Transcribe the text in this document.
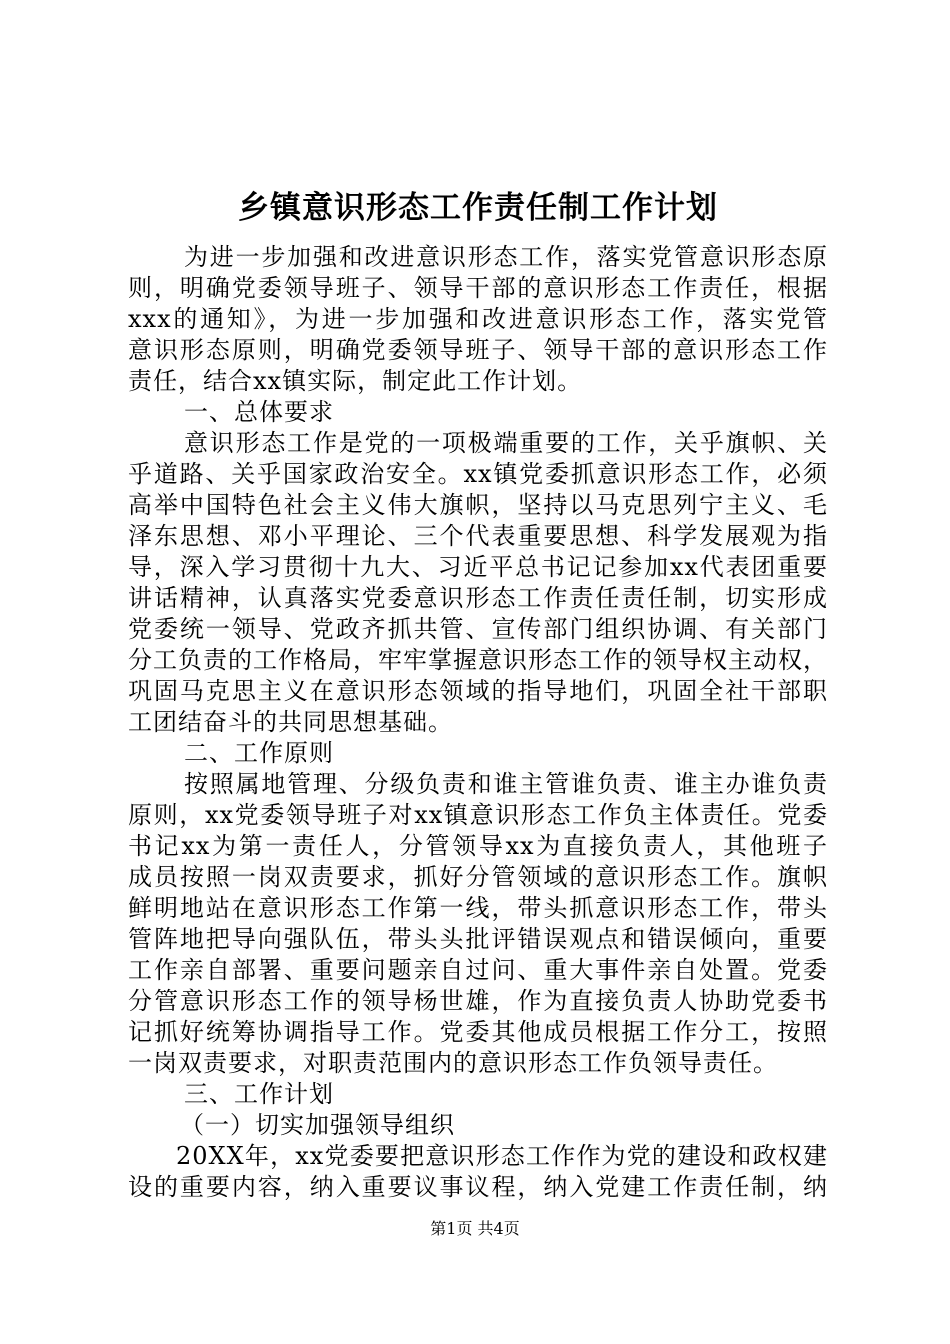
乡镇意识形态工作责任制工作计划
为进一步加强和改进意识形态工作，落实党管意识形态原
则，明确党委领导班子、领导干部的意识形态工作责任，根据
xxx的通知》，为进一步加强和改进意识形态工作，落实党管
意识形态原则，明确党委领导班子、领导干部的意识形态工作
责任，结合xx镇实际，制定此工作计划。
一、总体要求
意识形态工作是党的一项极端重要的工作，关乎旗帜、关
乎道路、关乎国家政治安全。xx镇党委抓意识形态工作，必须
高举中国特色社会主义伟大旗帜，坚持以马克思列宁主义、毛
泽东思想、邓小平理论、三个代表重要思想、科学发展观为指
导，深入学习贯彻十九大、习近平总书记记参加xx代表团重要
讲话精神，认真落实党委意识形态工作责任责任制，切实形成
党委统一领导、党政齐抓共管、宣传部门组织协调、有关部门
分工负责的工作格局，牢牢掌握意识形态工作的领导权主动权，
巩固马克思主义在意识形态领域的指导地们，巩固全社干部职
工团结奋斗的共同思想基础。
二、工作原则
按照属地管理、分级负责和谁主管谁负责、谁主办谁负责
原则，xx党委领导班子对xx镇意识形态工作负主体责任。党委
书记xx为第一责任人，分管领导xx为直接负责人，其他班子
成员按照一岗双责要求，抓好分管领域的意识形态工作。旗帜
鲜明地站在意识形态工作第一线，带头抓意识形态工作，带头
管阵地把导向强队伍，带头头批评错误观点和错误倾向，重要
工作亲自部署、重要问题亲自过问、重大事件亲自处置。党委
分管意识形态工作的领导杨世雄，作为直接负责人协助党委书
记抓好统筹协调指导工作。党委其他成员根据工作分工，按照
一岗双责要求，对职责范围内的意识形态工作负领导责任。
三、工作计划
（一）切实加强领导组织
20XX年，xx党委要把意识形态工作作为党的建设和政权建
设的重要内容，纳入重要议事议程，纳入党建工作责任制，纳
第1页 共4页
